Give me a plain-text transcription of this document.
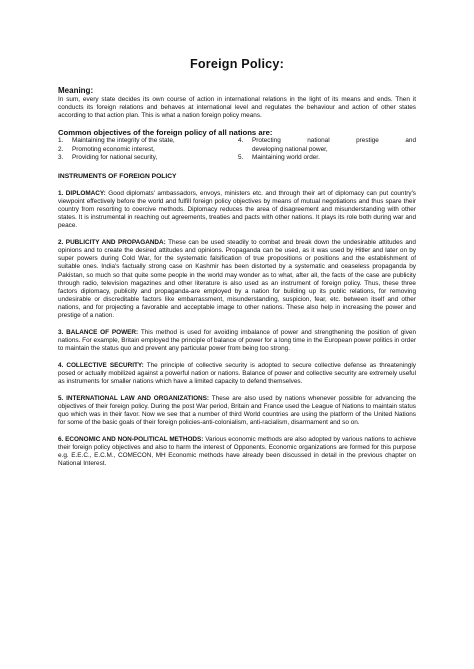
Foreign Policy:
Meaning:

In sum, every state decides its own course of action in international relations in the light of its means and ends. Then it conducts its foreign relations and behaves at international level and regulates the behaviour and action of other states according to that action plan. This is what a nation foreign policy means.

Common objectives of the foreign policy of all nations are:
1.	Maintaining the integrity of the state,	4.	Protecting national prestige and
2.	Promoting economic interest,	developing national power,
3.	Providing for national security,	5.	Maintaining world order.
INSTRUMENTS OF FOREIGN POLICY

1. DIPLOMACY: Good diplomats' ambassadors, envoys, ministers etc. and through their art of diplomacy can put country's viewpoint effectively before the world and fulfill foreign policy objectives by means of mutual negotiations and thus spare their country from resorting to coercive methods. Diplomacy reduces the area of disagreement and misunderstanding with other states. It is instrumental in reaching out agreements, treaties and pacts with other nations. It plays its role both during war and peace.

2. PUBLICITY AND PROPAGANDA: These can be used steadily to combat and break down the undesirable attitudes and opinions and to create the desired attitudes and opinions. Propaganda can be used, as it was used by Hitler and later on by super powers during Cold War, for the systematic falsification of true propositions or positions and the establishment of suitable ones. India's factually strong case on Kashmir has been distorted by a systematic and ceaseless propaganda by Pakistan, so much so that quite some people in the world may wonder as to what, after all, the facts of the case are publicity through radio, television magazines and other literature is also used as an instrument of foreign policy. Thus, these three factors diplomacy, publicity and propaganda-are employed by a nation for building up its public relations, for removing undesirable or discreditable factors like embarrassment, misunderstanding, suspicion, fear, etc. between itself and other nations, and for projecting a favorable and acceptable image to other nations. These also help in increasing the power and prestige of a nation.

3. BALANCE OF POWER: This method is used for avoiding imbalance of power and strengthening the position of given nations. For example, Britain employed the principle of balance of power for a long time in the European power politics in order to maintain the status quo and prevent any particular power from being too strong.

4. COLLECTIVE SECURITY: The principle of collective security is adopted to secure collective defense as threateningly posed or actually mobilized against a powerful nation or nations. Balance of power and collective security are extremely useful as instruments for smaller nations which have a limited capacity to defend themselves.

5. INTERNATIONAL LAW AND ORGANIZATIONS: These are also used by nations whenever possible for advancing the objectives of their foreign policy. During the post War period, Britain and France used the League of Nations to maintain status quo which was in their favor. Now we see that a number of third World countries are using the platform of the United Nations for some of the basic goals of their foreign policies-anti-colonialism, anti-racialism, disarmament and so on.

6. ECONOMIC AND NON-POLITICAL METHODS: Various economic methods are also adopted by various nations to achieve their foreign policy objectives and also to harm the interest of Opponents. Economic organizations are formed for this purpose e.g. E.E.C., E.C.M., COMECON, MH Economic methods have already been discussed in detail in the previous chapter on National Interest.
